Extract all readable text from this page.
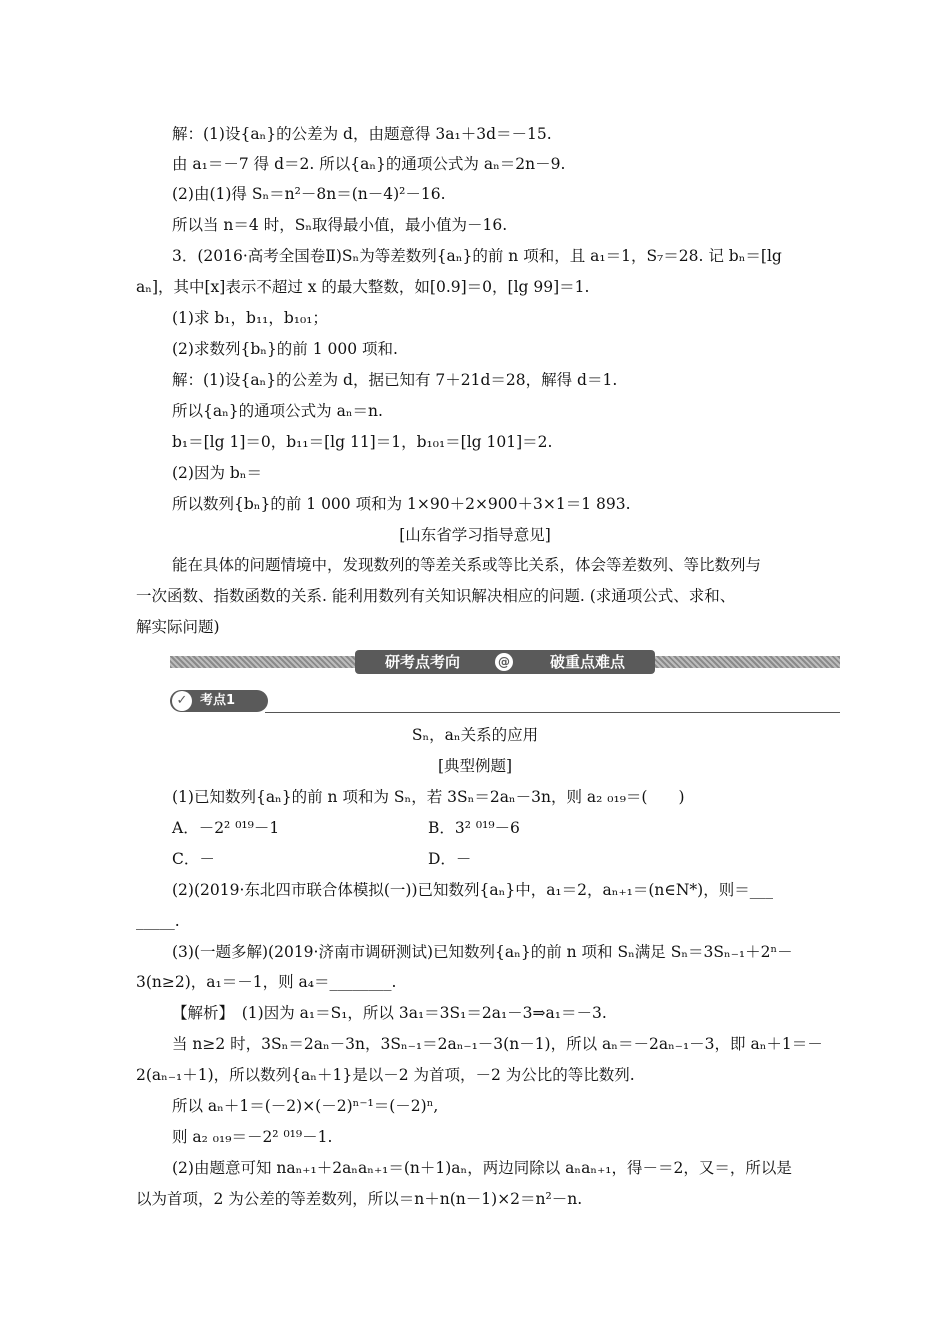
解：(1)设{aₙ}的公差为 d，由题意得 3a₁＋3d＝－15.
由 a₁＝－7 得 d＝2. 所以{aₙ}的通项公式为 aₙ＝2n－9.
(2)由(1)得 Sₙ＝n²－8n＝(n－4)²－16.
所以当 n＝4 时，Sₙ取得最小值，最小值为－16.
3．(2016·高考全国卷Ⅱ)Sₙ为等差数列{aₙ}的前 n 项和，且 a₁＝1，S₇＝28. 记 bₙ＝[lg
aₙ]，其中[x]表示不超过 x 的最大整数，如[0.9]＝0，[lg 99]＝1.
(1)求 b₁，b₁₁，b₁₀₁；
(2)求数列{bₙ}的前 1 000 项和.
解：(1)设{aₙ}的公差为 d，据已知有 7＋21d＝28，解得 d＝1.
所以{aₙ}的通项公式为 aₙ＝n.
b₁＝[lg 1]＝0，b₁₁＝[lg 11]＝1，b₁₀₁＝[lg 101]＝2.
(2)因为 bₙ＝
所以数列{bₙ}的前 1 000 项和为 1×90＋2×900＋3×1＝1 893.
能在具体的问题情境中，发现数列的等差关系或等比关系，体会等差数列、等比数列与
一次函数、指数函数的关系. 能利用数列有关知识解决相应的问题. (求通项公式、求和、
解实际问题)
(1)已知数列{aₙ}的前 n 项和为 Sₙ，若 3Sₙ＝2aₙ－3n，则 a₂ ₀₁₉＝(　　)
(2)(2019·东北四市联合体模拟(一))已知数列{aₙ}中，a₁＝2，aₙ₊₁＝(n∈N*)，则＝___
_____.
(3)(一题多解)(2019·济南市调研测试)已知数列{aₙ}的前 n 项和 Sₙ满足 Sₙ＝3Sₙ₋₁＋2ⁿ－
3(n≥2)，a₁＝－1，则 a₄＝________.
【解析】　(1)因为 a₁＝S₁，所以 3a₁＝3S₁＝2a₁－3⇒a₁＝－3.
当 n≥2 时，3Sₙ＝2aₙ－3n，3Sₙ₋₁＝2aₙ₋₁－3(n－1)，所以 aₙ＝－2aₙ₋₁－3，即 aₙ＋1＝－
2(aₙ₋₁＋1)，所以数列{aₙ＋1}是以－2 为首项，－2 为公比的等比数列.
所以 aₙ＋1＝(－2)×(－2)ⁿ⁻¹＝(－2)ⁿ,
则 a₂ ₀₁₉＝－2² ⁰¹⁹－1.
(2)由题意可知 naₙ₊₁＋2aₙaₙ₊₁＝(n＋1)aₙ，两边同除以 aₙaₙ₊₁，得－＝2，又＝，所以是
以为首项，2 为公差的等差数列，所以＝n＋n(n－1)×2＝n²－n.
[山东省学习指导意见]
Sₙ，aₙ关系的应用
[典型例题]
A．－2² ⁰¹⁹－1	B．3² ⁰¹⁹－6
C．－	D．－
研考点考向	@	破重点难点
✓ 考点1
